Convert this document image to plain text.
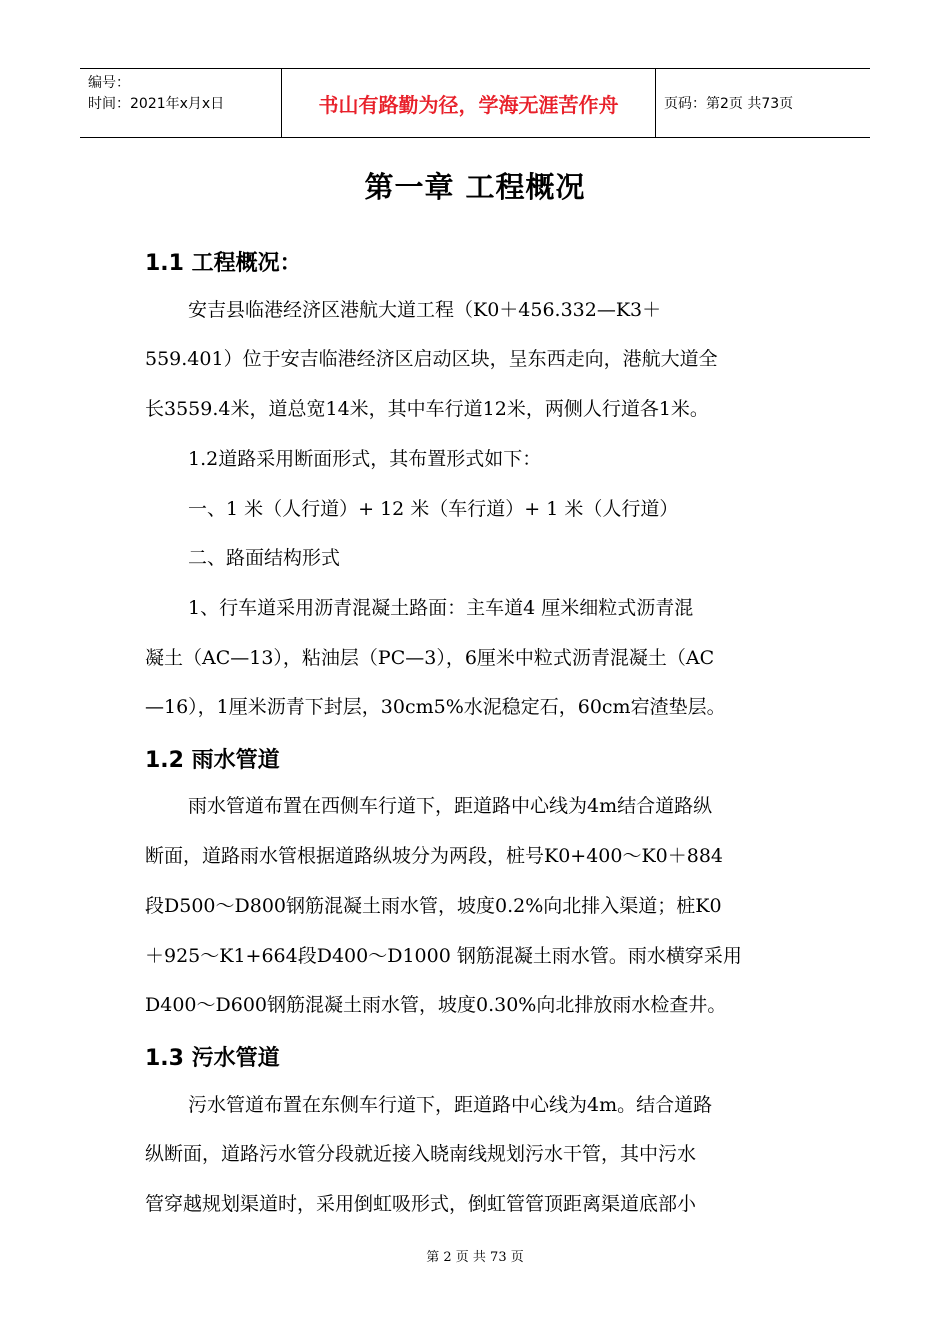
编号：
时间：2021年x月x日	书山有路勤为径，学海无涯苦作舟	页码：第2页 共73页
第一章 工程概况
1.1 工程概况：
安吉县临港经济区港航大道工程（K0＋456.332—K3＋
559.401）位于安吉临港经济区启动区块，呈东西走向，港航大道全
长3559.4米，道总宽14米，其中车行道12米，两侧人行道各1米。
1.2道路采用断面形式，其布置形式如下：
一、1 米（人行道）+ 12 米（车行道）+ 1 米（人行道）
二、路面结构形式
1、行车道采用沥青混凝土路面：主车道4 厘米细粒式沥青混
凝土（AC—13），粘油层（PC—3），6厘米中粒式沥青混凝土（AC
—16），1厘米沥青下封层，30cm5%水泥稳定石，60cm宕渣垫层。
1.2 雨水管道
雨水管道布置在西侧车行道下，距道路中心线为4m结合道路纵
断面，道路雨水管根据道路纵坡分为两段，桩号K0+400～K0＋884
段D500～D800钢筋混凝土雨水管，坡度0.2%向北排入渠道；桩K0
＋925～K1+664段D400～D1000 钢筋混凝土雨水管。雨水横穿采用
D400～D600钢筋混凝土雨水管，坡度0.30%向北排放雨水检查井。
1.3 污水管道
污水管道布置在东侧车行道下，距道路中心线为4m。结合道路
纵断面，道路污水管分段就近接入晓南线规划污水干管，其中污水
管穿越规划渠道时，采用倒虹吸形式，倒虹管管顶距离渠道底部小
第 2 页 共 73 页
